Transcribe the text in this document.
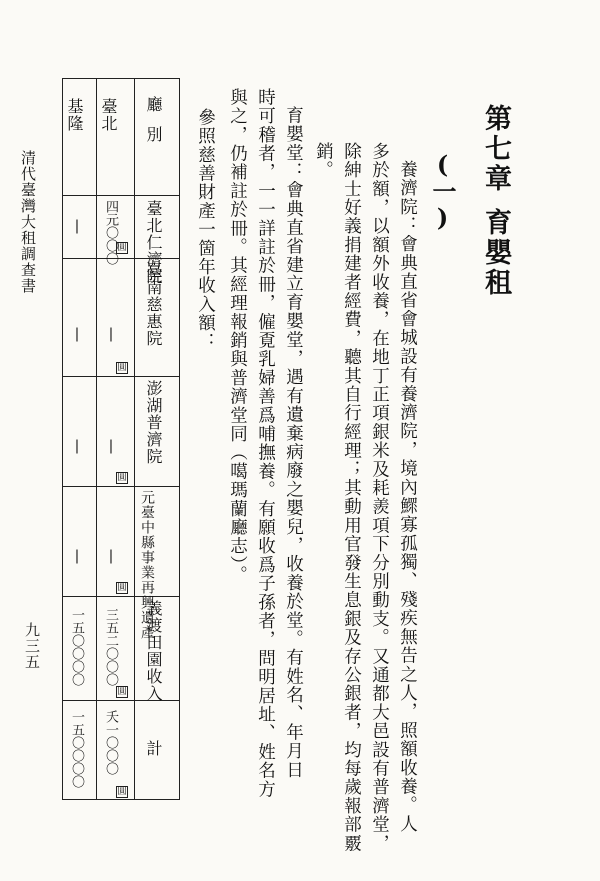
第七章育嬰租
(一)
養濟院：會典直省會城設有養濟院，境內鰥寡孤獨、殘疾無告之人，照額收養。人
多於額，以額外收養，在地丁正項銀米及耗羨項下分別動支。又通都大邑設有普濟堂，
除紳士好義捐建者經費，聽其自行經理；其動用官發生息銀及存公銀者，均每歲報部覈
銷。
育嬰堂：會典直省建立育嬰堂，遇有遺棄病廢之嬰兒，收養於堂。有姓名、年月日
時可稽者，一一詳註於冊，僱覔乳婦善爲哺撫養。有願收爲子孫者，問明居址、姓名方
與之，仍補註於冊。其經理報銷與普濟堂同（噶瑪蘭廳志）。
參照慈善財產一箇年收入額：
廳別
臺北
基隆
臺北仁濟院
臺南慈惠院
澎湖普濟院
元臺中縣事業再興遺產
義渡田園收入
計
四元〇〇〇 圓
|
圓
|
圓
|
圓
三五二〇〇〇
圓
夭一〇〇〇
圓
|
|
|
|
一五〇〇〇〇
一五〇〇〇〇
清代臺灣大租調查書
九三五
